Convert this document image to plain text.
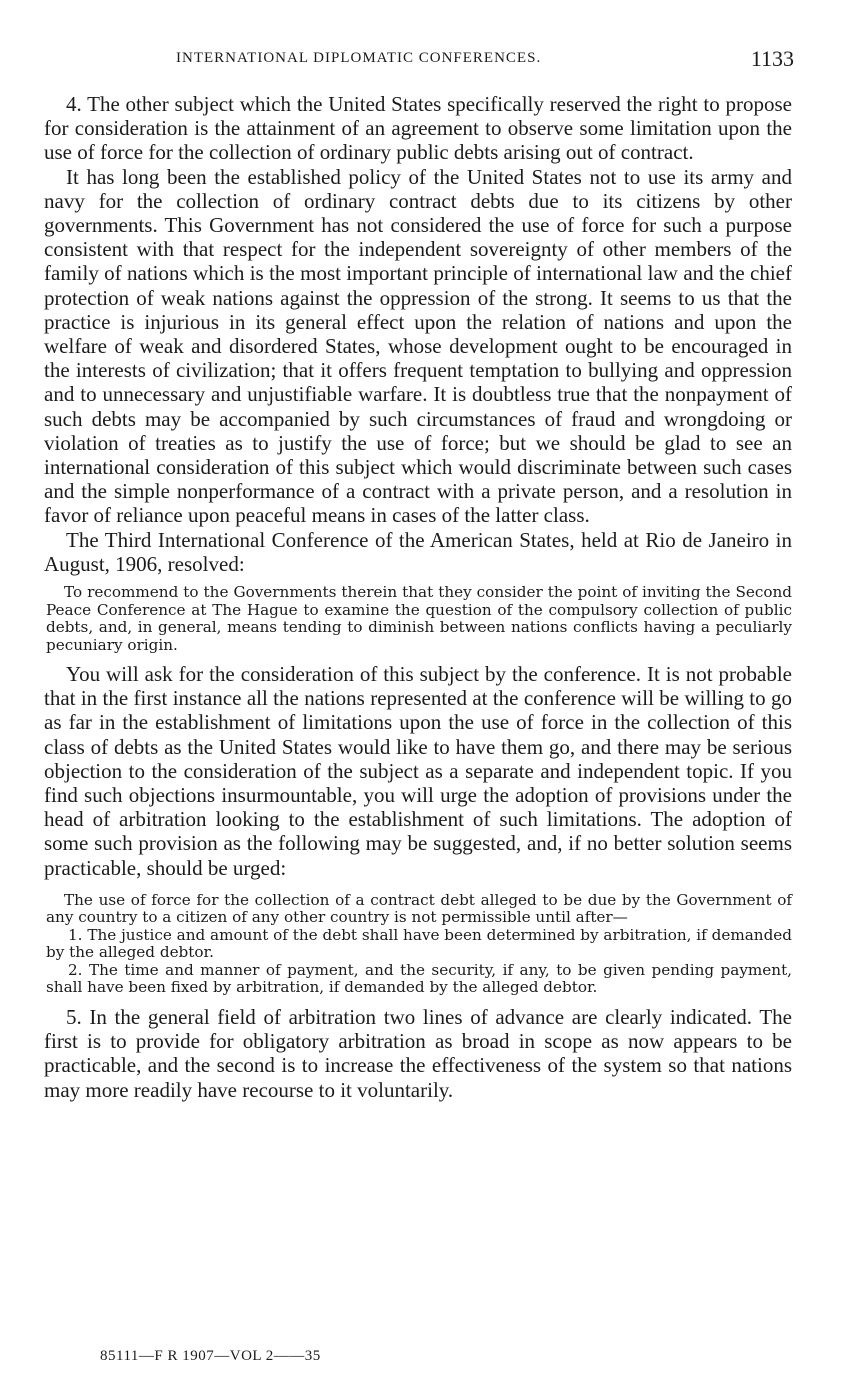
INTERNATIONAL DIPLOMATIC CONFERENCES.	1133

4. The other subject which the United States specifically reserved the right to propose for consideration is the attainment of an agreement to observe some limitation upon the use of force for the collection of ordinary public debts arising out of contract.

It has long been the established policy of the United States not to use its army and navy for the collection of ordinary contract debts due to its citizens by other governments. This Government has not considered the use of force for such a purpose consistent with that respect for the independent sovereignty of other members of the family of nations which is the most important principle of international law and the chief protection of weak nations against the oppression of the strong. It seems to us that the practice is injurious in its general effect upon the relation of nations and upon the welfare of weak and disordered States, whose development ought to be encouraged in the interests of civilization; that it offers frequent temptation to bullying and oppression and to unnecessary and unjustifiable warfare. It is doubtless true that the nonpayment of such debts may be accompanied by such circumstances of fraud and wrongdoing or violation of treaties as to justify the use of force; but we should be glad to see an international consideration of this subject which would discriminate between such cases and the simple nonperformance of a contract with a private person, and a resolution in favor of reliance upon peaceful means in cases of the latter class.

The Third International Conference of the American States, held at Rio de Janeiro in August, 1906, resolved:

To recommend to the Governments therein that they consider the point of inviting the Second Peace Conference at The Hague to examine the question of the compulsory collection of public debts, and, in general, means tending to diminish between nations conflicts having a peculiarly pecuniary origin.

You will ask for the consideration of this subject by the conference. It is not probable that in the first instance all the nations represented at the conference will be willing to go as far in the establishment of limitations upon the use of force in the collection of this class of debts as the United States would like to have them go, and there may be serious objection to the consideration of the subject as a separate and independent topic. If you find such objections insurmountable, you will urge the adoption of provisions under the head of arbitration looking to the establishment of such limitations. The adoption of some such provision as the following may be suggested, and, if no better solution seems practicable, should be urged:

The use of force for the collection of a contract debt alleged to be due by the Government of any country to a citizen of any other country is not permissible until after—

1. The justice and amount of the debt shall have been determined by arbitration, if demanded by the alleged debtor.

2. The time and manner of payment, and the security, if any, to be given pending payment, shall have been fixed by arbitration, if demanded by the alleged debtor.

5. In the general field of arbitration two lines of advance are clearly indicated. The first is to provide for obligatory arbitration as broad in scope as now appears to be practicable, and the second is to increase the effectiveness of the system so that nations may more readily have recourse to it voluntarily.

85111—F R 1907—VOL 2——35
